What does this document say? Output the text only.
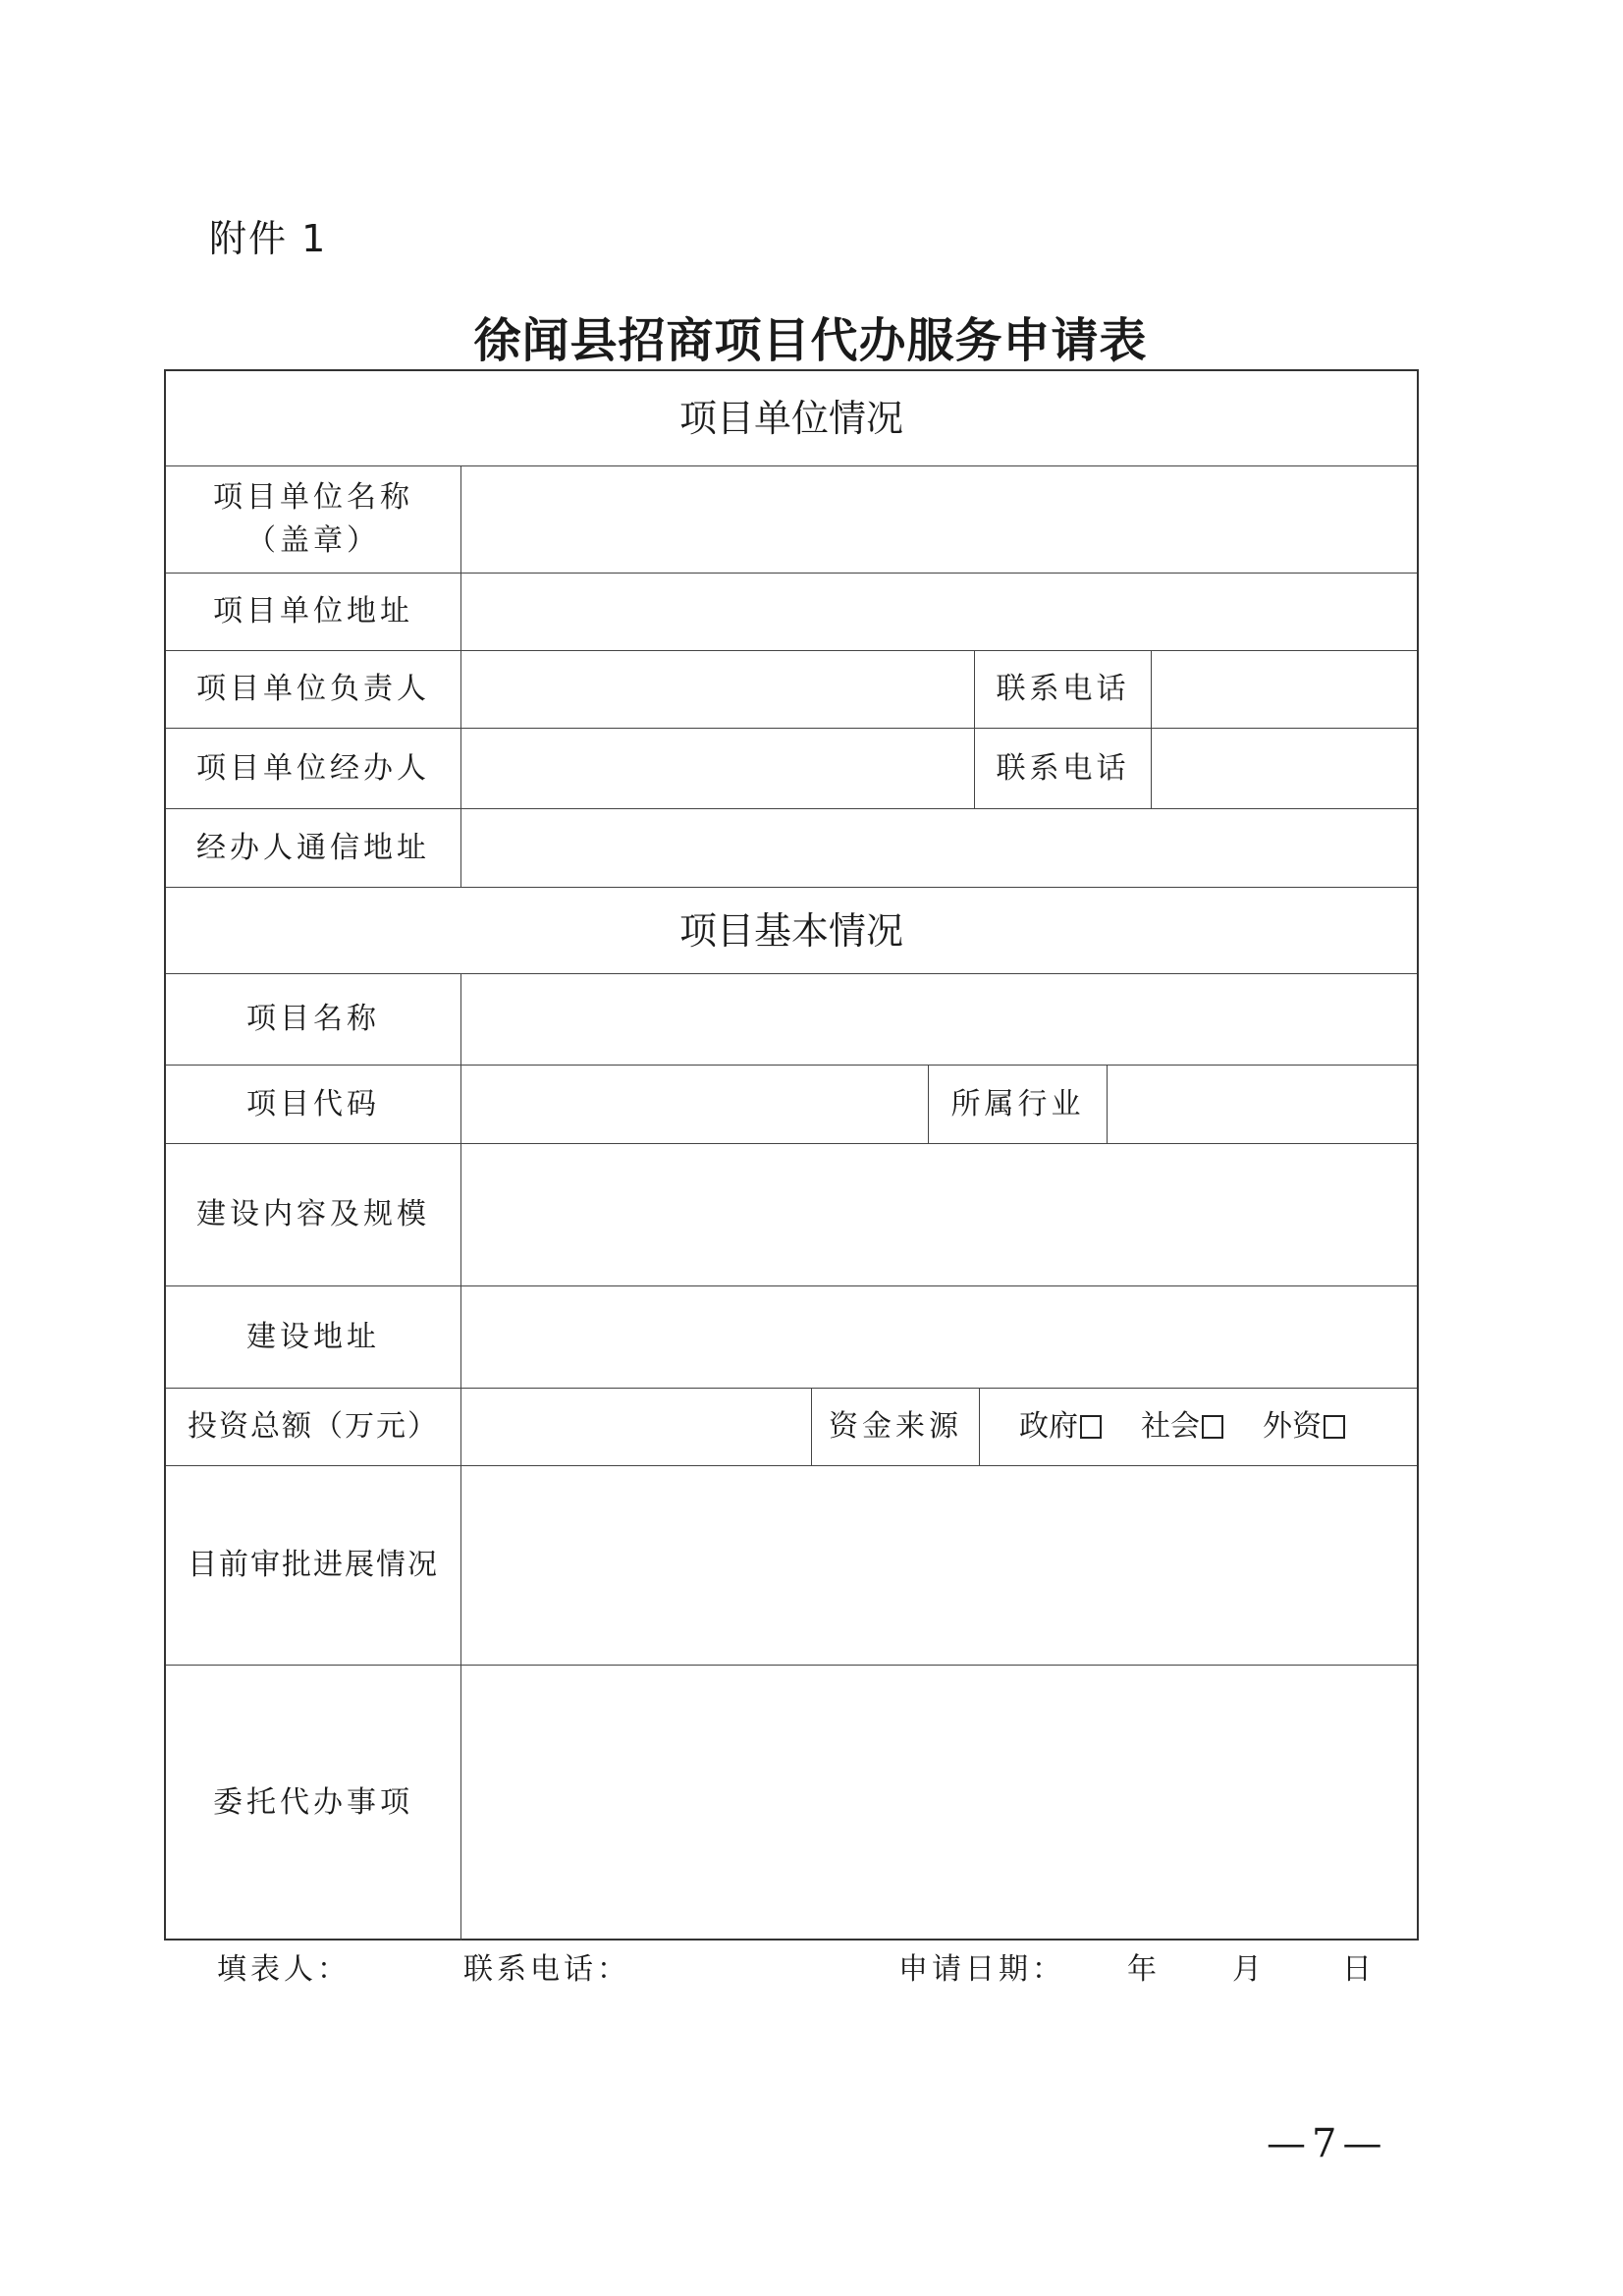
附件 1
徐闻县招商项目代办服务申请表
项目单位情况
项目单位名称
（盖章）
项目单位地址
项目单位负责人	联系电话
项目单位经办人	联系电话
经办人通信地址
项目基本情况
项目名称
项目代码	所属行业
建设内容及规模
建设地址
投资总额（万元）	资金来源	政府 社会 外资
目前审批进展情况
委托代办事项
填表人：	联系电话：	申请日期： 年 月	日
—7—
